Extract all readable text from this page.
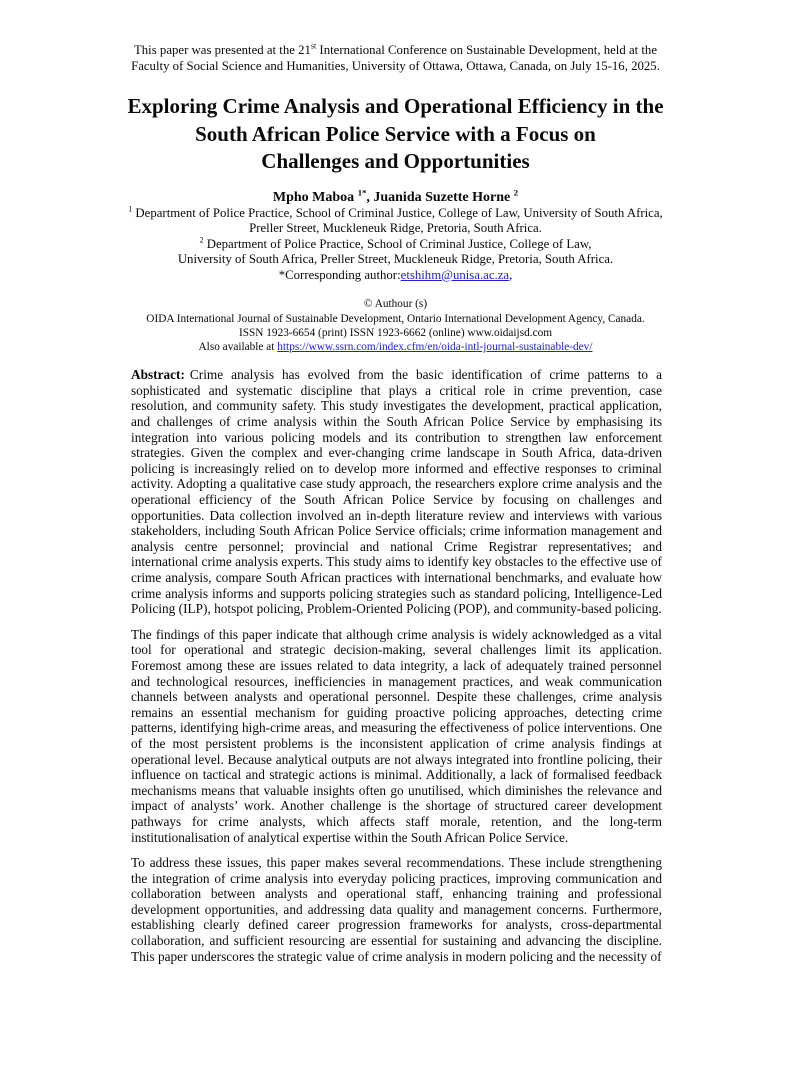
This paper was presented at the 21st International Conference on Sustainable Development, held at the
Faculty of Social Science and Humanities, University of Ottawa, Ottawa, Canada, on July 15-16, 2025.
Exploring Crime Analysis and Operational Efficiency in the
South African Police Service with a Focus on
Challenges and Opportunities
Mpho Maboa $^{1*}$, Juanida Suzette Horne $^2$
$^1$ Department of Police Practice, School of Criminal Justice, College of Law, University of South Africa,
Preller Street, Muckleneuk Ridge, Pretoria, South Africa.
$^2$ Department of Police Practice, School of Criminal Justice, College of Law,
University of South Africa, Preller Street, Muckleneuk Ridge, Pretoria, South Africa.
*Corresponding author:etshihm@unisa.ac.za,
© Authour (s)
OIDA International Journal of Sustainable Development, Ontario International Development Agency, Canada.
ISSN 1923-6654 (print) ISSN 1923-6662 (online) www.oidaijsd.com
Also available at https://www.ssrn.com/index.cfm/en/oida-intl-journal-sustainable-dev/

Abstract: Crime analysis has evolved from the basic identification of crime patterns to a sophisticated and systematic discipline that plays a critical role in crime prevention, case resolution, and community safety. This study investigates the development, practical application, and challenges of crime analysis within the South African Police Service by emphasising its integration into various policing models and its contribution to strengthen law enforcement strategies. Given the complex and ever-changing crime landscape in South Africa, data-driven policing is increasingly relied on to develop more informed and effective responses to criminal activity. Adopting a qualitative case study approach, the researchers explore crime analysis and the operational efficiency of the South African Police Service by focusing on challenges and opportunities. Data collection involved an in-depth literature review and interviews with various stakeholders, including South African Police Service officials; crime information management and analysis centre personnel; provincial and national Crime Registrar representatives; and international crime analysis experts. This study aims to identify key obstacles to the effective use of crime analysis, compare South African practices with international benchmarks, and evaluate how crime analysis informs and supports policing strategies such as standard policing, Intelligence-Led Policing (ILP), hotspot policing, Problem-Oriented Policing (POP), and community-based policing.

The findings of this paper indicate that although crime analysis is widely acknowledged as a vital tool for operational and strategic decision-making, several challenges limit its application. Foremost among these are issues related to data integrity, a lack of adequately trained personnel and technological resources, inefficiencies in management practices, and weak communication channels between analysts and operational personnel. Despite these challenges, crime analysis remains an essential mechanism for guiding proactive policing approaches, detecting crime patterns, identifying high-crime areas, and measuring the effectiveness of police interventions. One of the most persistent problems is the inconsistent application of crime analysis findings at operational level. Because analytical outputs are not always integrated into frontline policing, their influence on tactical and strategic actions is minimal. Additionally, a lack of formalised feedback mechanisms means that valuable insights often go unutilised, which diminishes the relevance and impact of analysts’ work. Another challenge is the shortage of structured career development pathways for crime analysts, which affects staff morale, retention, and the long-term institutionalisation of analytical expertise within the South African Police Service.

To address these issues, this paper makes several recommendations. These include strengthening the integration of crime analysis into everyday policing practices, improving communication and collaboration between analysts and operational staff, enhancing training and professional development opportunities, and addressing data quality and management concerns. Furthermore, establishing clearly defined career progression frameworks for analysts, cross-departmental collaboration, and sufficient resourcing are essential for sustaining and advancing the discipline. This paper underscores the strategic value of crime analysis in modern policing and the necessity of
